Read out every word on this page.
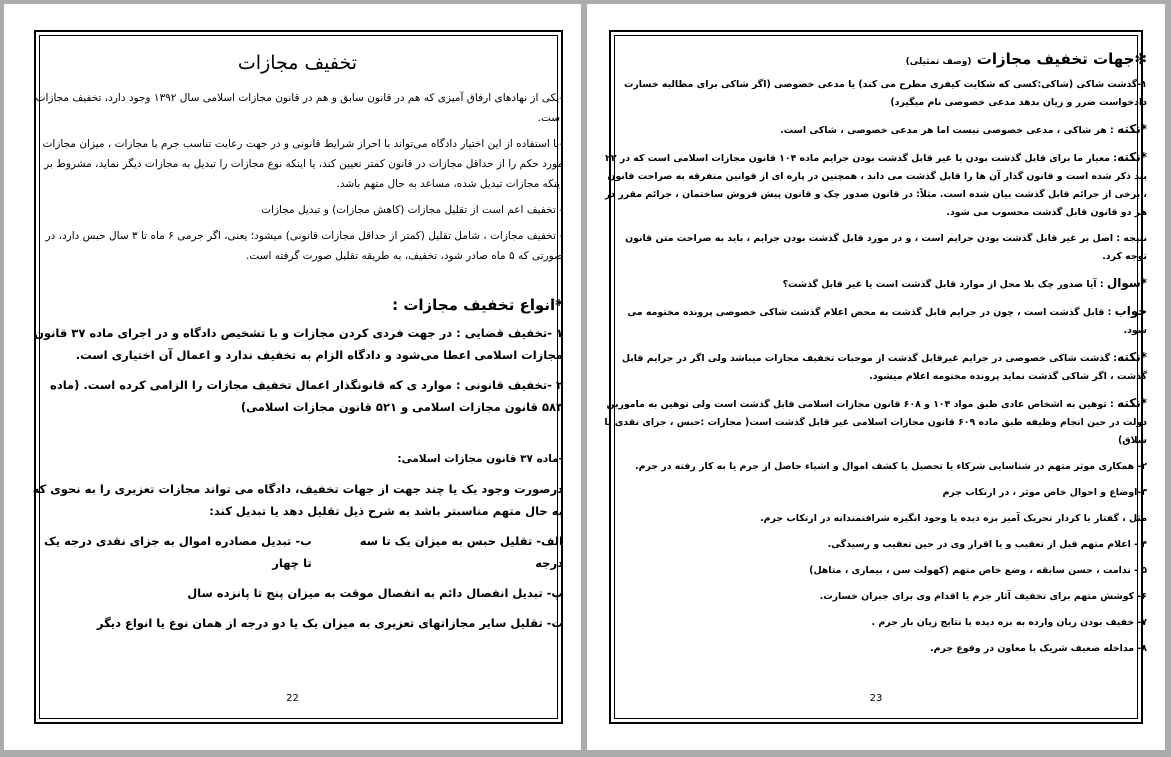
تخفیف مجازات

-یکی از نهادهای ارفاق آمیزی که هم در قانون سابق و هم در قانون مجازات اسلامی سال ۱۳۹۲ وجود دارد، تخفیف مجازات است.

-با استفاده از این اختیار دادگاه می‌تواند با احراز شرایط قانونی و در جهت رعایت تناسب جرم با مجازات ، میزان مجازات مورد حکم را از حداقل مجازات در قانون کمتر تعیین کند، یا اینکه نوع مجازات را تبدیل به مجازات دیگر نماید، مشروط بر اینکه مجازات تبدیل شده، مساعد به حال متهم باشد.

- تخفیف اعم است از تقلیل مجازات (کاهش مجازات) و تبدیل مجازات

- تخفیف مجازات ، شامل تقلیل (کمتر از حداقل مجازات قانونی) میشود؛ یعنی، اگر جرمی ۶ ماه تا ۳ سال حبس دارد، در صورتی که ۵ ماه صادر شود، تخفیف، به طریقه تقلیل صورت گرفته است.

*انواع تخفیف مجازات :

۱ -تخفیف قضایی : در جهت فردی کردن مجازات و با تشخیص دادگاه و در اجرای ماده ۳۷ قانون مجازات اسلامی اعطا می‌شود و دادگاه الزام به تخفیف ندارد و اعمال آن اختیاری است.

۲ -تخفیف قانونی : موارد ی که قانونگذار اعمال تخفیف مجازات را الزامی کرده است. (ماده ۵۸۳ قانون مجازات اسلامی و ۵۲۱ قانون مجازات اسلامی)

-ماده ۳۷ قانون مجازات اسلامی:

درصورت وجود یک یا چند جهت از جهات تخفیف، دادگاه می تواند مجازات تعزیری را به نحوی که به حال متهم مناسبتر باشد به شرح ذیل تقلیل دهد یا تبدیل کند:

الف- تقلیل حبس به میزان یک تا سه درجه
ب- تبدیل مصادره اموال به جزای نقدی درجه یک تا چهار

پ- تبدیل انفصال دائم به انفصال موقت به میزان پنج تا پانزده سال

ت- تقلیل سایر مجازاتهای تعزیری به میزان یک یا دو درجه از همان نوع یا انواع دیگر

22
❇جهات تخفیف مجازات (وصف تمثیلی)

۱-گذشت شاکی (شاکی:کسی که شکایت کیفری مطرح می کند) یا مدعی خصوصی (اگر شاکی برای مطالبه خسارت دادخواست ضرر و زیان بدهد مدعی خصوصی نام میگیرد)

*نکته : هر شاکی ، مدعی خصوصی نیست اما هر مدعی خصوصی ، شاکی است.

*نکته: معیار ما برای قابل گذشت بودن یا غیر قابل گذشت بودن جرایم ماده ۱۰۴ قانون مجازات اسلامی است که در ۲۲ بند ذکر شده است و قانون گذار آن ها را قابل گذشت می داند ، همچنین در پاره ای از قوانین متفرقه به صراحت قانون ، برخی از جرائم قابل گذشت بیان شده است. مثلاً: در قانون صدور چک و قانون پیش فروش ساختمان ، جرائم مقرر در هر دو قانون قابل گذشت محسوب می شود.

نتیجه : اصل بر غیر قابل گذشت بودن جرایم است ، و در مورد قابل گذشت بودن جرایم ، باید به صراحت متن قانون توجه کرد.

*سوال : آیا صدور چک بلا محل از موارد قابل گذشت است یا غیر قابل گذشت؟

جواب : قابل گذشت است ، چون در جرایم قابل گذشت به محض اعلام گذشت شاکی خصوصی پرونده مختومه می شود.

*نکته: گذشت شاکی خصوصی در جرایم غیرقابل گذشت از موجبات تخفیف مجازات میباشد ولی اگر در جرایم قابل گذشت ، اگر شاکی گذشت نماید پرونده مختومه اعلام میشود.

*نکته : توهین به اشخاص عادی طبق مواد ۱۰۴ و ۶۰۸ قانون مجازات اسلامی قابل گذشت است ولی توهین به ماموربن دولت در حین انجام وظیفه طبق ماده ۶۰۹ قانون مجازات اسلامی غیر قابل گذشت است( مجازات :حبس ، جزای نقدی یا شلاق)

۲- همکاری موثر متهم در شناسایی شرکاء یا تحصیل یا کشف اموال و اشیاء حاصل از جرم یا به کار رفته در جرم.

۳-اوضاع و احوال خاص موثر ، در ارتکاب جرم

مثل ، گفتار یا کردار تحریک آمیز بزه دیده یا وجود انگیزه شرافتمندانه در ارتکاب جرم.

۴ - اعلام متهم قبل از تعقیب و یا اقرار وی در حین تعقیب و رسیدگی.

۵ - ندامت ، حسن سابقه ، وضع خاص متهم (کهولت سن ، بیماری ، متاهل)

۶- کوشش متهم برای تخفیف آثار جرم یا اقدام وی برای جبران خسارت.

۷- خفیف بودن زیان وارده به بزه دیده یا نتایج زیان بار جرم .

۸- مداخله ضعیف شریک یا معاون در وقوع جرم.

23
